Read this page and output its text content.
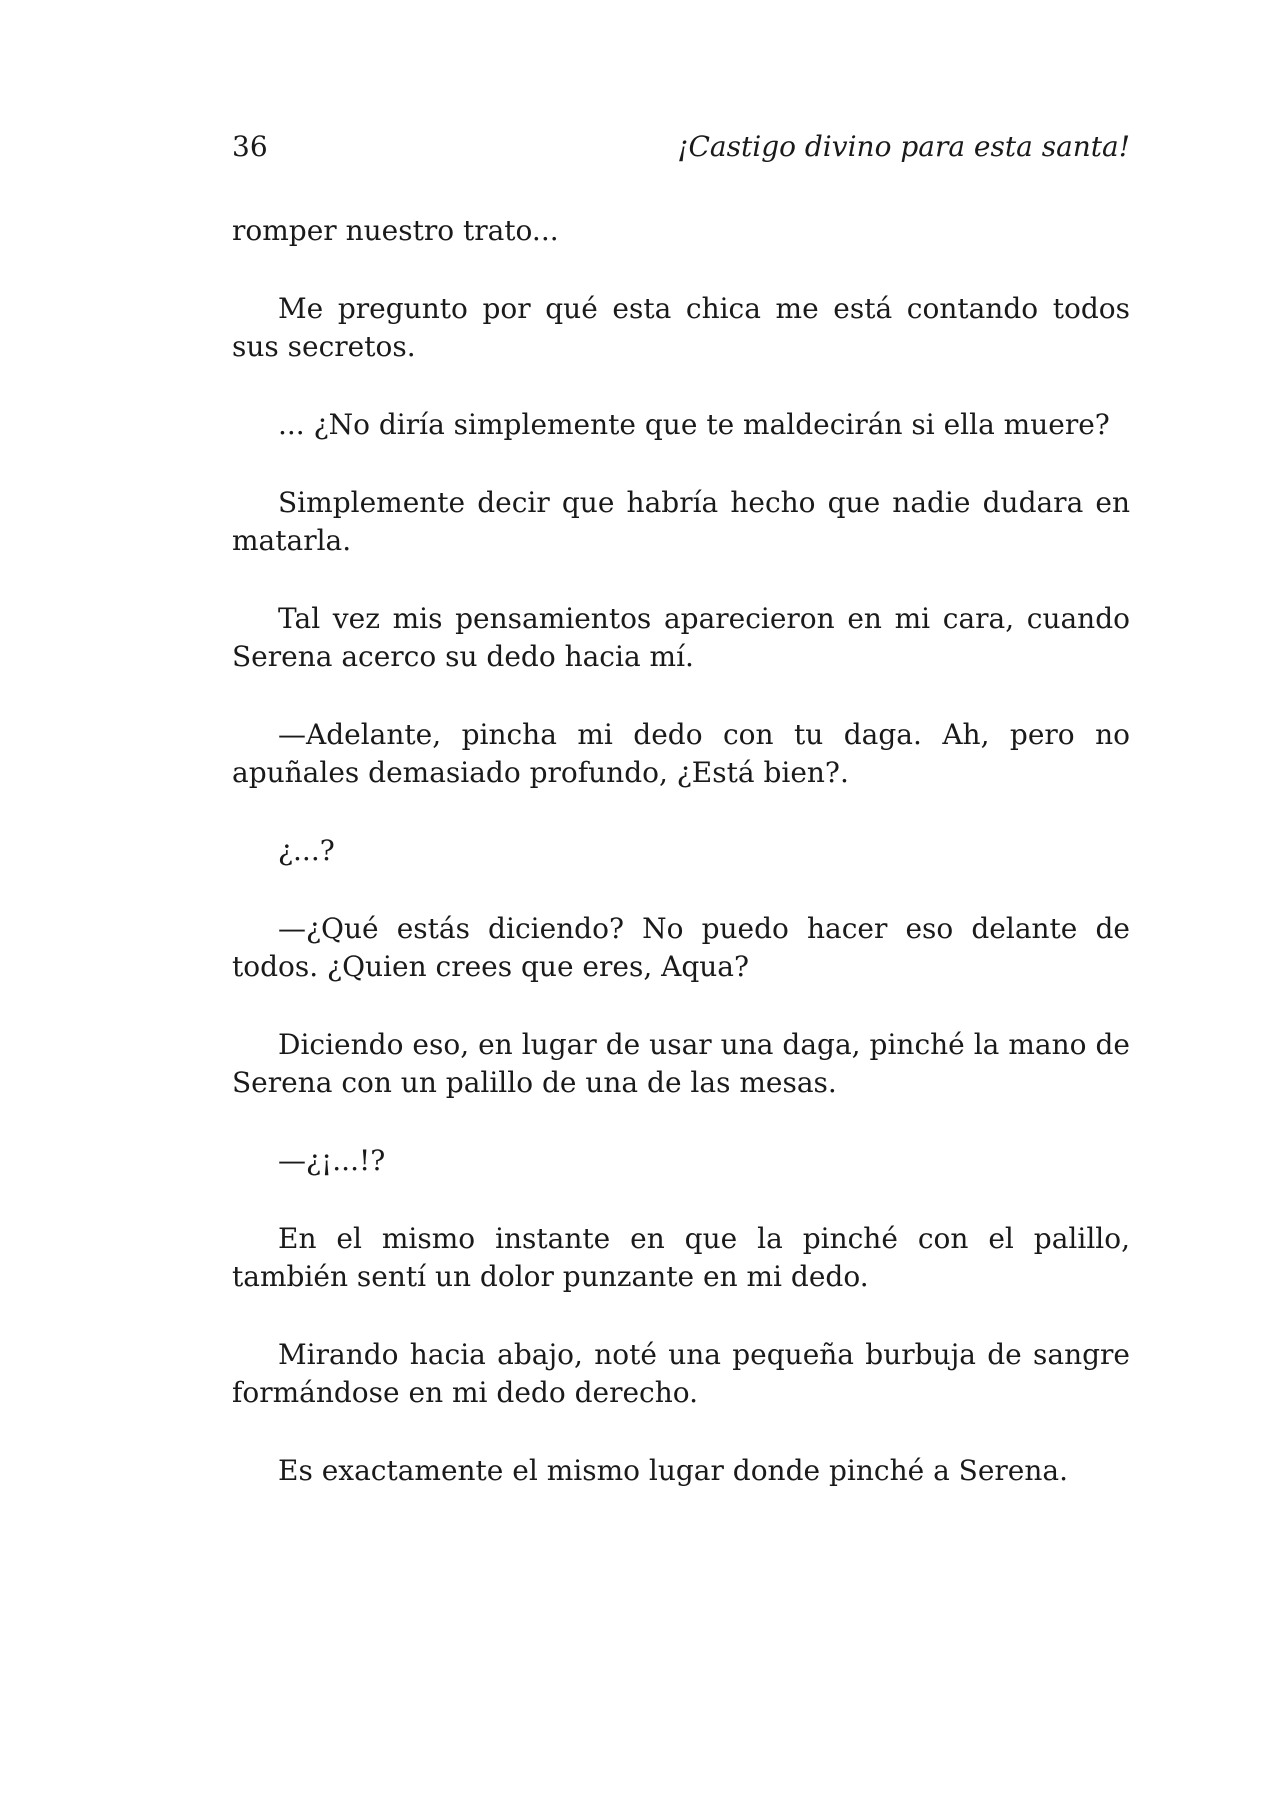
36	¡Castigo divino para esta santa!

romper nuestro trato...

Me pregunto por qué esta chica me está contando todos sus secretos.

... ¿No diría simplemente que te maldecirán si ella muere?

Simplemente decir que habría hecho que nadie dudara en matarla.

Tal vez mis pensamientos aparecieron en mi cara, cuando Serena acerco su dedo hacia mí.

—Adelante, pincha mi dedo con tu daga. Ah, pero no apuñales demasiado profundo, ¿Está bien?.

¿...?

—¿Qué estás diciendo? No puedo hacer eso delante de todos. ¿Quien crees que eres, Aqua?

Diciendo eso, en lugar de usar una daga, pinché la mano de Serena con un palillo de una de las mesas.

—¿¡...!?

En el mismo instante en que la pinché con el palillo, también sentí un dolor punzante en mi dedo.

Mirando hacia abajo, noté una pequeña burbuja de sangre formándose en mi dedo derecho.

Es exactamente el mismo lugar donde pinché a Serena.
